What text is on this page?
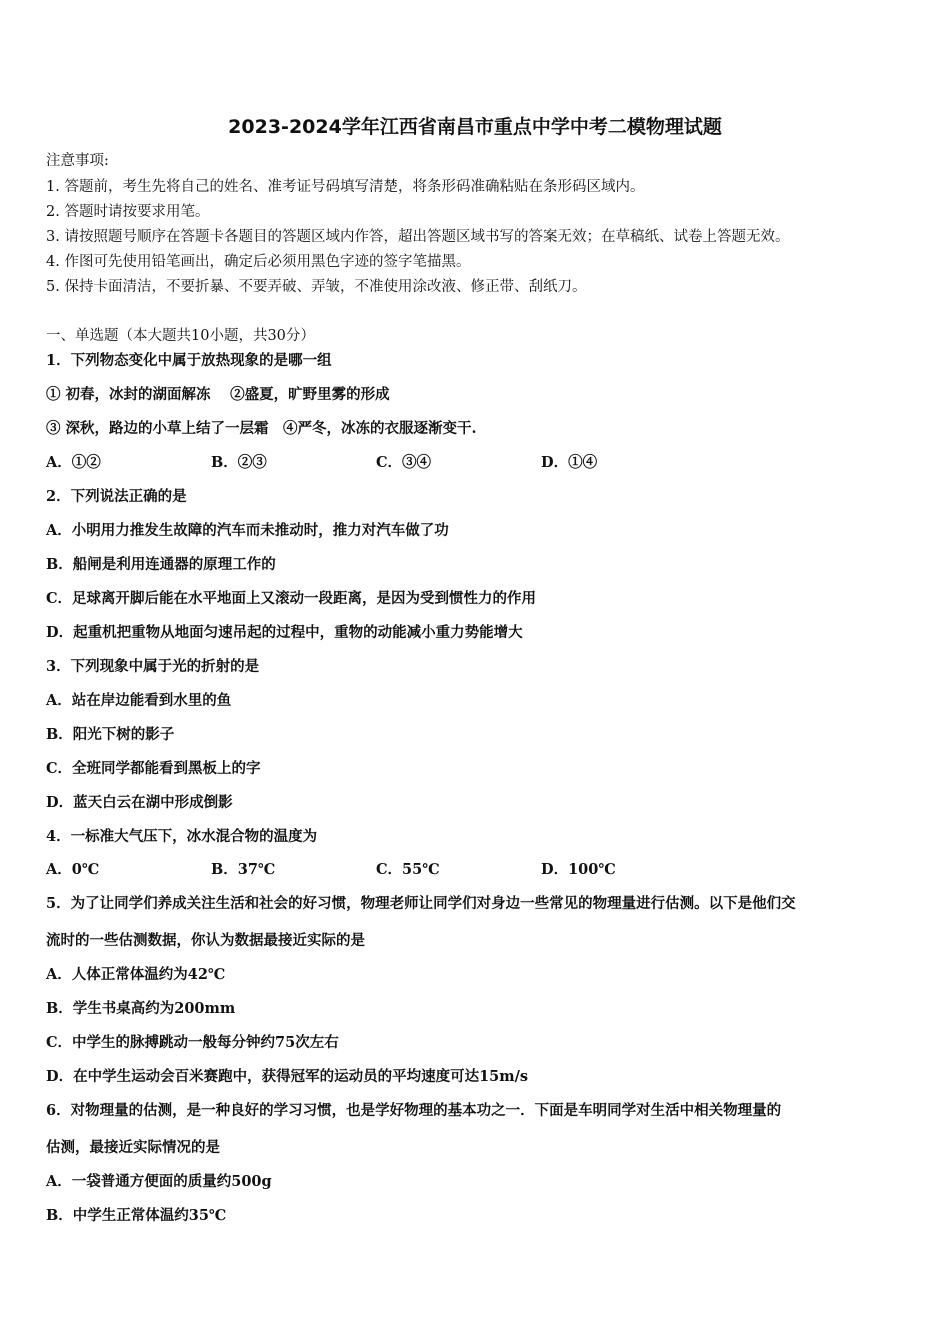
2023-2024学年江西省南昌市重点中学中考二模物理试题
注意事项:
1. 答题前，考生先将自己的姓名、准考证号码填写清楚，将条形码准确粘贴在条形码区域内。
2. 答题时请按要求用笔。
3. 请按照题号顺序在答题卡各题目的答题区域内作答，超出答题区域书写的答案无效；在草稿纸、试卷上答题无效。
4. 作图可先使用铅笔画出，确定后必须用黑色字迹的签字笔描黑。
5. 保持卡面清洁，不要折暴、不要弄破、弄皱，不准使用涂改液、修正带、刮纸刀。
一、单选题（本大题共10小题，共30分）
1．下列物态变化中属于放热现象的是哪一组
① 初春，冰封的湖面解冻　 ②盛夏，旷野里雾的形成
③ 深秋，路边的小草上结了一层霜　④严冬，冰冻的衣服逐渐变干.
A．①②	B．②③	C．③④	D．①④
2．下列说法正确的是
A．小明用力推发生故障的汽车而未推动时，推力对汽车做了功
B．船闸是利用连通器的原理工作的
C．足球离开脚后能在水平地面上又滚动一段距离，是因为受到惯性力的作用
D．起重机把重物从地面匀速吊起的过程中，重物的动能减小重力势能增大
3．下列现象中属于光的折射的是
A．站在岸边能看到水里的鱼
B．阳光下树的影子
C．全班同学都能看到黑板上的字
D．蓝天白云在湖中形成倒影
4．一标准大气压下，冰水混合物的温度为
A．0℃	B．37℃	C．55℃	D．100℃
5．为了让同学们养成关注生活和社会的好习惯，物理老师让同学们对身边一些常见的物理量进行估测。以下是他们交
流时的一些估测数据，你认为数据最接近实际的是
A．人体正常体温约为42℃
B．学生书桌高约为200mm
C．中学生的脉搏跳动一般每分钟约75次左右
D．在中学生运动会百米赛跑中，获得冠军的运动员的平均速度可达15m/s
6．对物理量的估测，是一种良好的学习习惯，也是学好物理的基本功之一．下面是车明同学对生活中相关物理量的
估测，最接近实际情况的是
A．一袋普通方便面的质量约500g
B．中学生正常体温约35℃
